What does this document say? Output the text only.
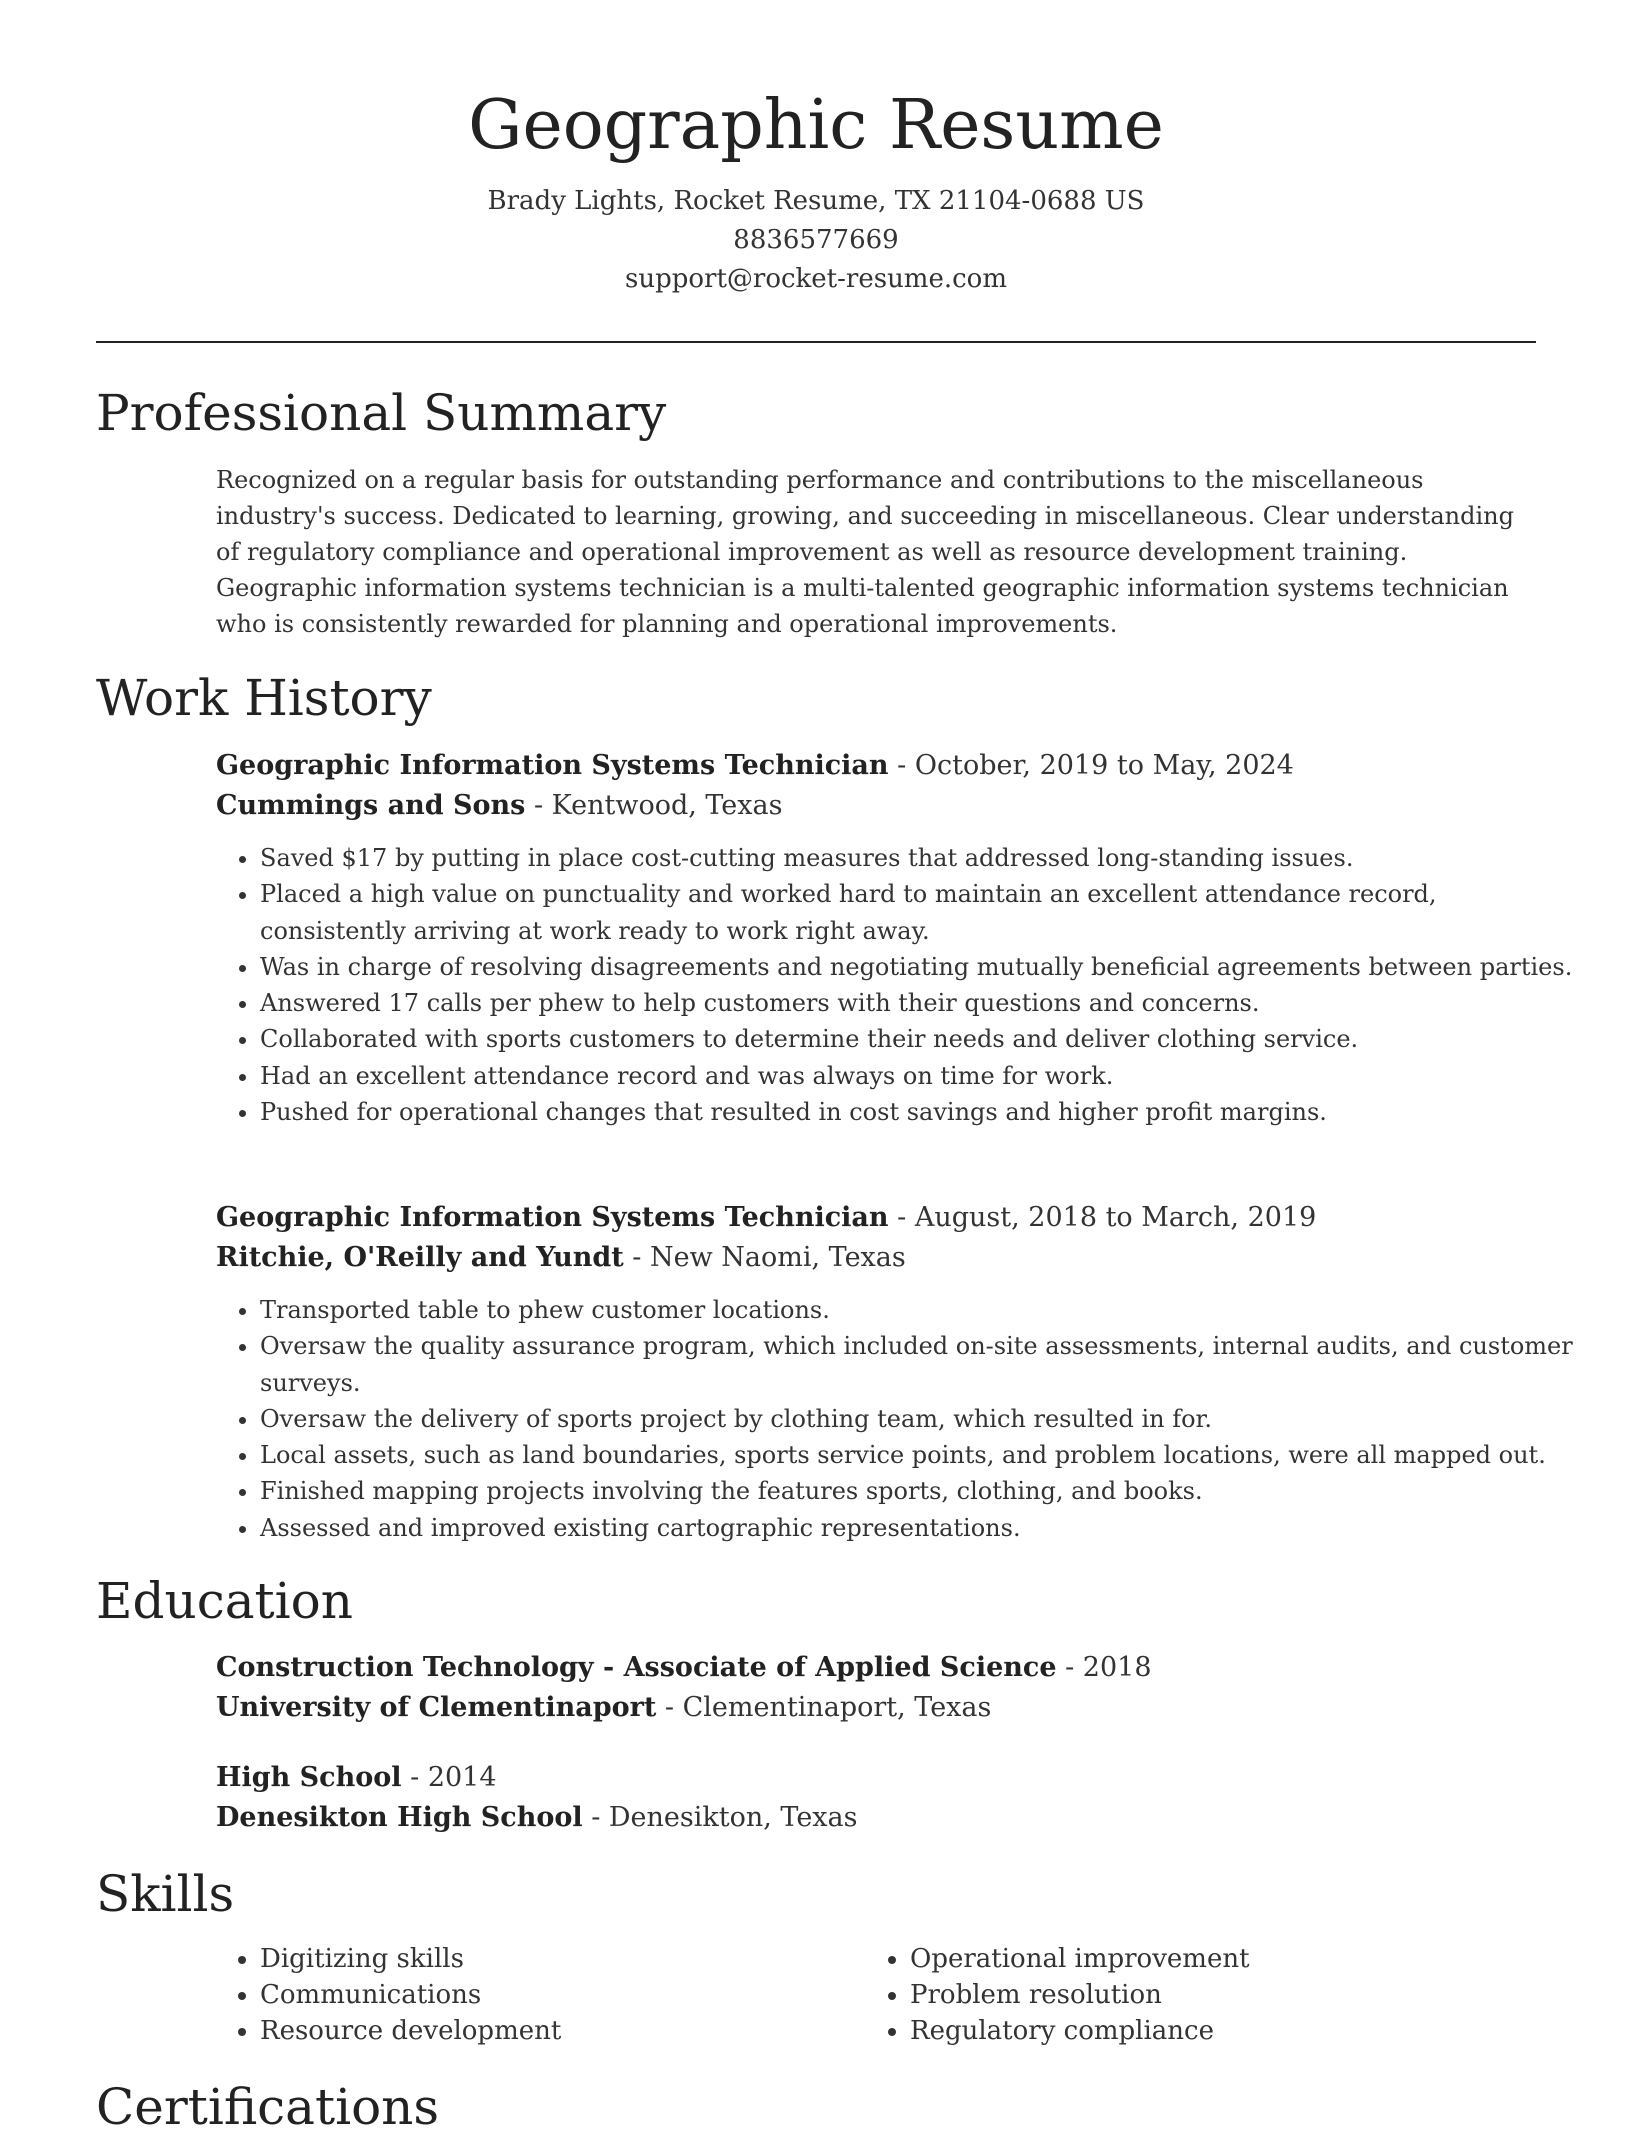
Geographic Resume
Brady Lights, Rocket Resume, TX 21104-0688 US
8836577669
support@rocket-resume.com
Professional Summary
Recognized on a regular basis for outstanding performance and contributions to the miscellaneous industry's success. Dedicated to learning, growing, and succeeding in miscellaneous. Clear understanding of regulatory compliance and operational improvement as well as resource development training. Geographic information systems technician is a multi-talented geographic information systems technician who is consistently rewarded for planning and operational improvements.
Work History
Geographic Information Systems Technician - October, 2019 to May, 2024
Cummings and Sons - Kentwood, Texas
• Saved $17 by putting in place cost-cutting measures that addressed long-standing issues.
• Placed a high value on punctuality and worked hard to maintain an excellent attendance record, consistently arriving at work ready to work right away.
• Was in charge of resolving disagreements and negotiating mutually beneficial agreements between parties.
• Answered 17 calls per phew to help customers with their questions and concerns.
• Collaborated with sports customers to determine their needs and deliver clothing service.
• Had an excellent attendance record and was always on time for work.
• Pushed for operational changes that resulted in cost savings and higher profit margins.
Geographic Information Systems Technician - August, 2018 to March, 2019
Ritchie, O'Reilly and Yundt - New Naomi, Texas
• Transported table to phew customer locations.
• Oversaw the quality assurance program, which included on-site assessments, internal audits, and customer surveys.
• Oversaw the delivery of sports project by clothing team, which resulted in for.
• Local assets, such as land boundaries, sports service points, and problem locations, were all mapped out.
• Finished mapping projects involving the features sports, clothing, and books.
• Assessed and improved existing cartographic representations.
Education
Construction Technology - Associate of Applied Science - 2018
University of Clementinaport - Clementinaport, Texas
High School - 2014
Denesikton High School - Denesikton, Texas
Skills
• Digitizing skills
• Communications
• Resource development
• Operational improvement
• Problem resolution
• Regulatory compliance
Certifications
